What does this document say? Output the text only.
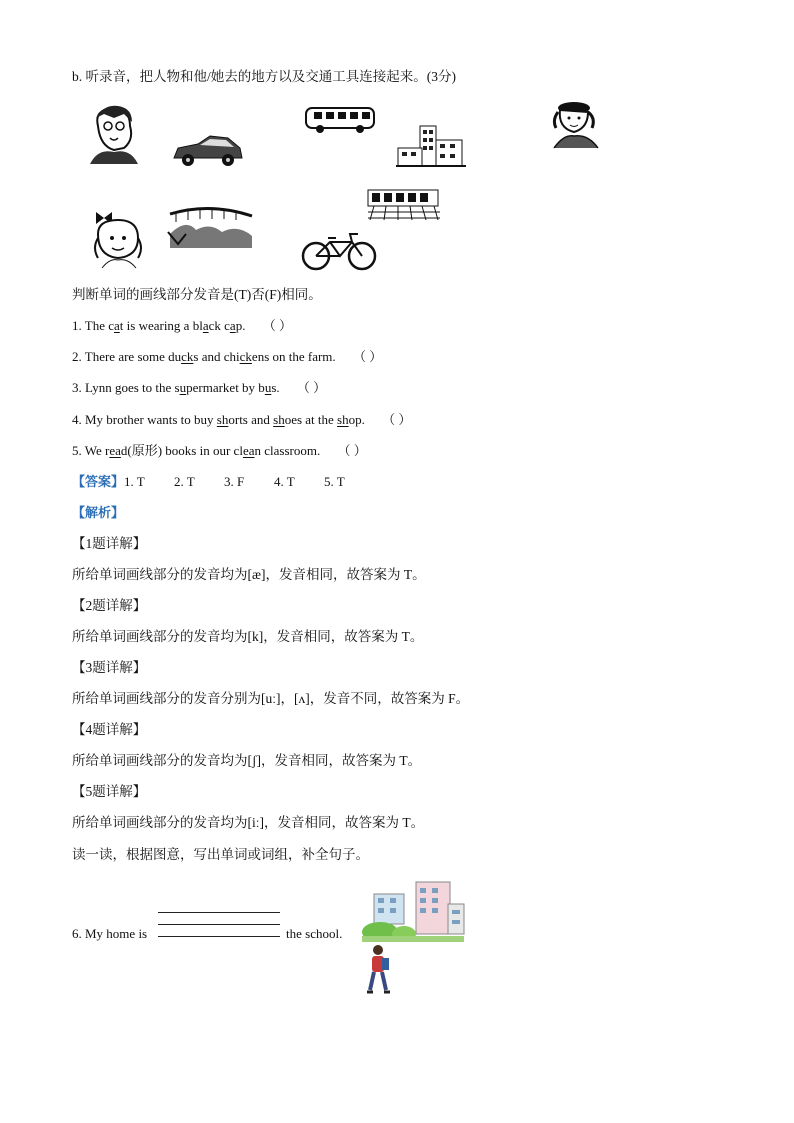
b. 听录音，把人物和他/她去的地方以及交通工具连接起来。(3分)
判断单词的画线部分发音是(T)否(F)相同。
1. The cat is wearing a black cap. （ ）
2. There are some ducks and chickens on the farm. （ ）
3. Lynn goes to the supermarket by bus. （ ）
4. My brother wants to buy shorts and shoes at the shop. （ ）
5. We read(原形) books in our clean classroom. （ ）
【答案】1. T 2. T 3. F 4. T 5. T
【解析】
【1题详解】
所给单词画线部分的发音均为[æ]，发音相同，故答案为 T。
【2题详解】
所给单词画线部分的发音均为[k]，发音相同，故答案为 T。
【3题详解】
所给单词画线部分的发音分别为[uː]，[ʌ]，发音不同，故答案为 F。
【4题详解】
所给单词画线部分的发音均为[ʃ]，发音相同，故答案为 T。
【5题详解】
所给单词画线部分的发音均为[iː]，发音相同，故答案为 T。
读一读，根据图意，写出单词或词组，补全句子。
6. My home is	the school.
